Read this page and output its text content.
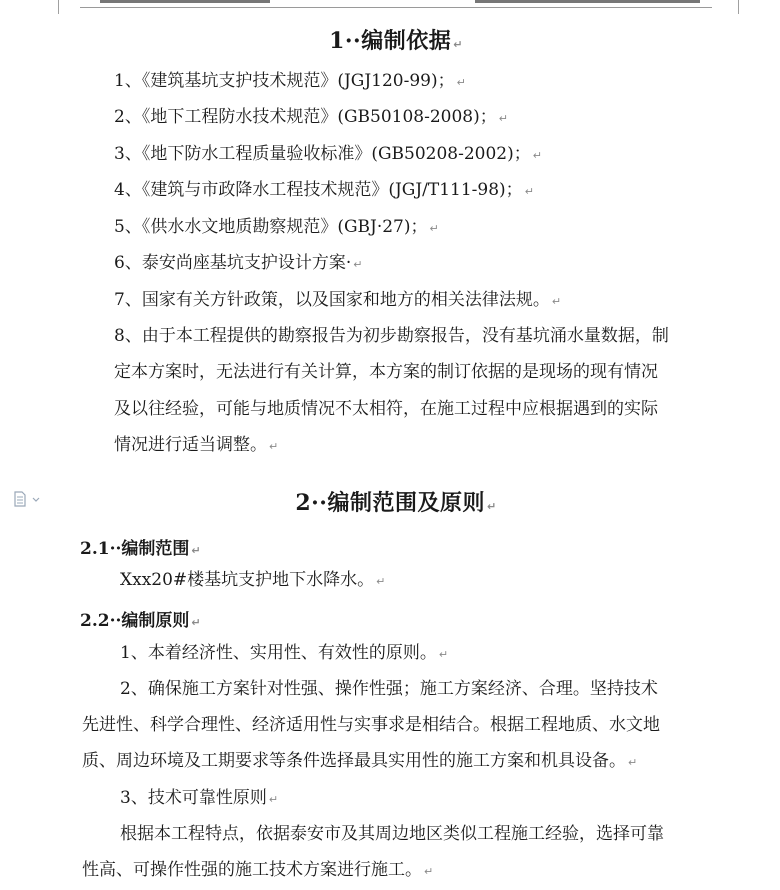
1··编制依据 ↵
1、《建筑基坑支护技术规范》(JGJ120-99)； ↵
2、《地下工程防水技术规范》(GB50108-2008)； ↵
3、《地下防水工程质量验收标准》(GB50208-2002)； ↵
4、《建筑与市政降水工程技术规范》(JGJ/T111-98)； ↵
5、《供水水文地质勘察规范》(GBJ·27)； ↵
6、泰安尚座基坑支护设计方案· ↵
7、国家有关方针政策，以及国家和地方的相关法律法规。 ↵
8、由于本工程提供的勘察报告为初步勘察报告，没有基坑涌水量数据，制
定本方案时，无法进行有关计算，本方案的制订依据的是现场的现有情况
及以往经验，可能与地质情况不太相符，在施工过程中应根据遇到的实际
情况进行适当调整。 ↵
2··编制范围及原则 ↵
2.1··编制范围 ↵
Xxx20#楼基坑支护地下水降水。 ↵
2.2··编制原则 ↵
1、本着经济性、实用性、有效性的原则。 ↵
2、确保施工方案针对性强、操作性强；施工方案经济、合理。坚持技术
先进性、科学合理性、经济适用性与实事求是相结合。根据工程地质、水文地
质、周边环境及工期要求等条件选择最具实用性的施工方案和机具设备。 ↵
3、技术可靠性原则 ↵
根据本工程特点，依据泰安市及其周边地区类似工程施工经验，选择可靠
性高、可操作性强的施工技术方案进行施工。 ↵
